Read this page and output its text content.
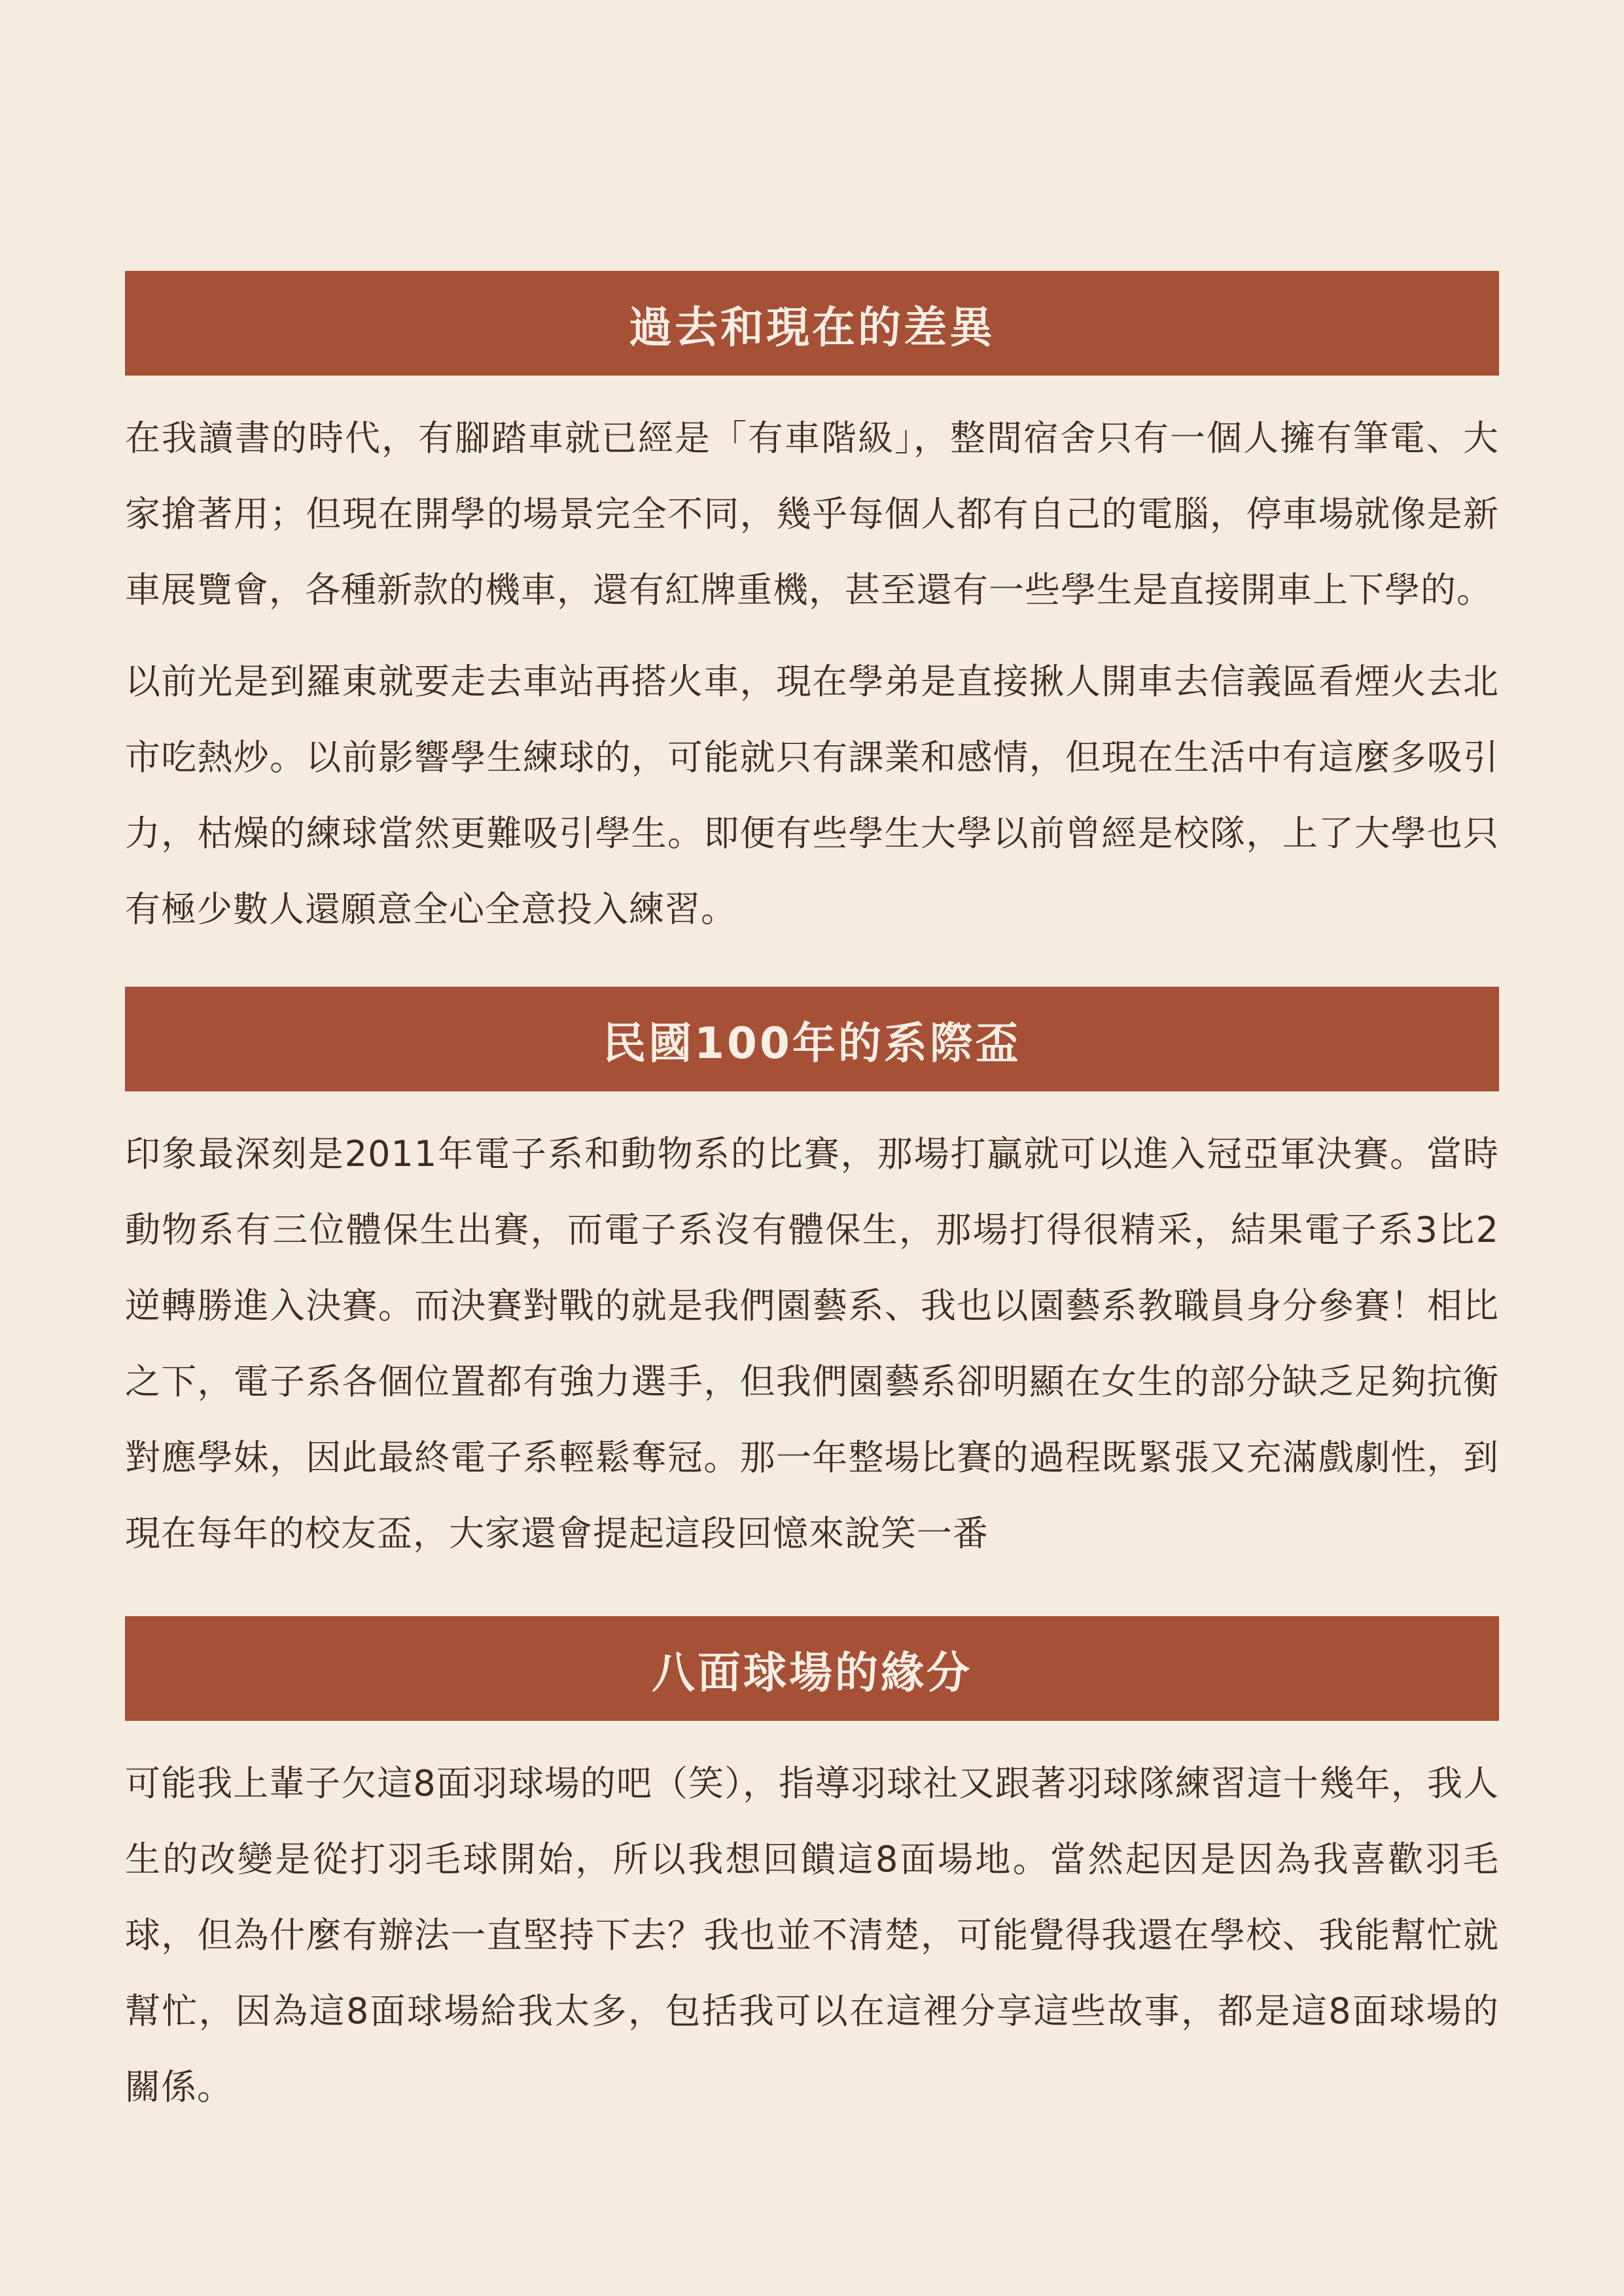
過去和現在的差異

在我讀書的時代，有腳踏車就已經是「有車階級」，整間宿舍只有一個人擁有筆電、大家搶著用；但現在開學的場景完全不同，幾乎每個人都有自己的電腦，停車場就像是新車展覽會，各種新款的機車，還有紅牌重機，甚至還有一些學生是直接開車上下學的。

以前光是到羅東就要走去車站再搭火車，現在學弟是直接揪人開車去信義區看煙火去北市吃熱炒。以前影響學生練球的，可能就只有課業和感情，但現在生活中有這麼多吸引力，枯燥的練球當然更難吸引學生。即便有些學生大學以前曾經是校隊，上了大學也只有極少數人還願意全心全意投入練習。

民國100年的系際盃

印象最深刻是2011年電子系和動物系的比賽，那場打贏就可以進入冠亞軍決賽。當時動物系有三位體保生出賽，而電子系沒有體保生，那場打得很精采，結果電子系3比2逆轉勝進入決賽。而決賽對戰的就是我們園藝系、我也以園藝系教職員身分參賽！相比之下，電子系各個位置都有強力選手，但我們園藝系卻明顯在女生的部分缺乏足夠抗衡對應學妹，因此最終電子系輕鬆奪冠。那一年整場比賽的過程既緊張又充滿戲劇性，到現在每年的校友盃，大家還會提起這段回憶來說笑一番

八面球場的緣分

可能我上輩子欠這8面羽球場的吧（笑），指導羽球社又跟著羽球隊練習這十幾年，我人生的改變是從打羽毛球開始，所以我想回饋這8面場地。當然起因是因為我喜歡羽毛球，但為什麼有辦法一直堅持下去？我也並不清楚，可能覺得我還在學校、我能幫忙就幫忙，因為這8面球場給我太多，包括我可以在這裡分享這些故事，都是這8面球場的關係。
